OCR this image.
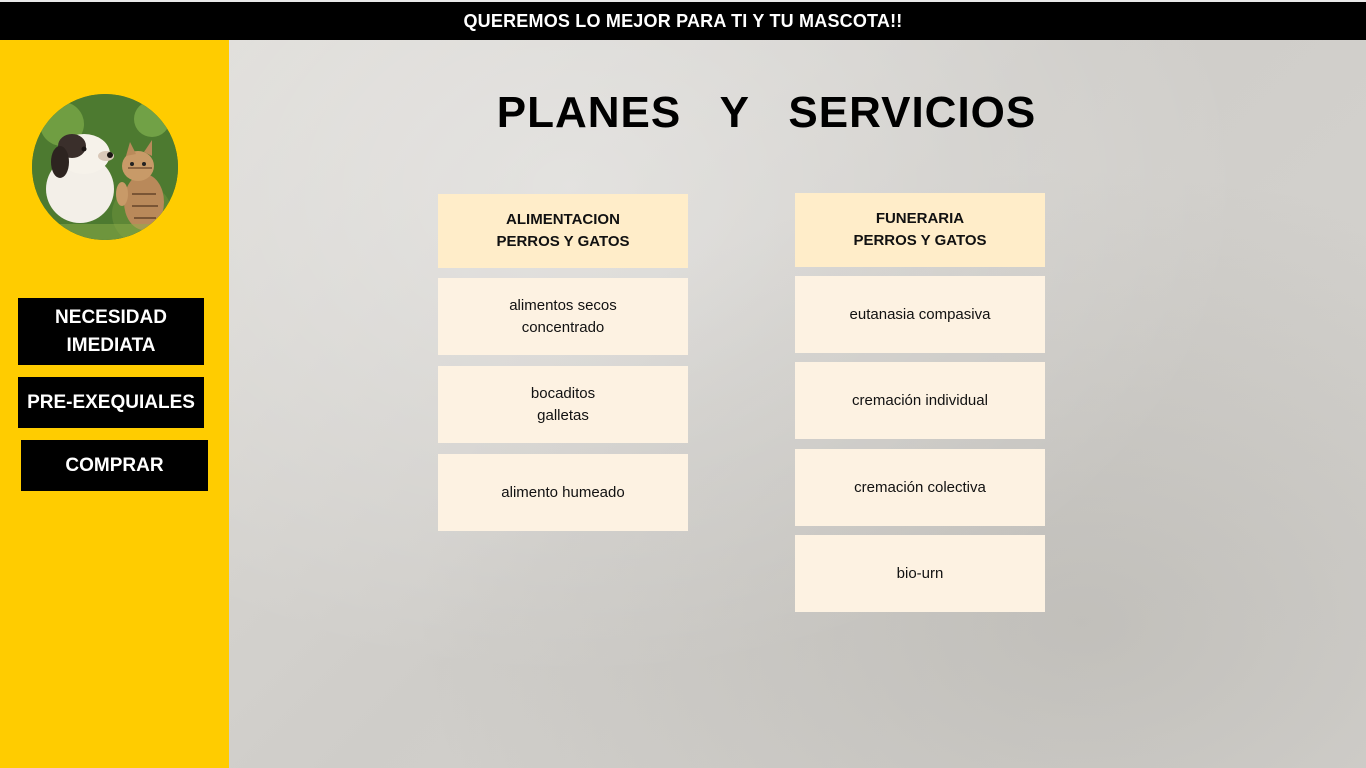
QUEREMOS LO MEJOR PARA TI Y TU MASCOTA!!
NECESIDAD
IMEDIATA
PRE-EXEQUIALES
COMPRAR
PLANES Y SERVICIOS
ALIMENTACION
PERROS Y GATOS
alimentos secos
concentrado
bocaditos
galletas
alimento humeado
FUNERARIA
PERROS Y GATOS
eutanasia compasiva
cremación individual
cremación colectiva
bio-urn
